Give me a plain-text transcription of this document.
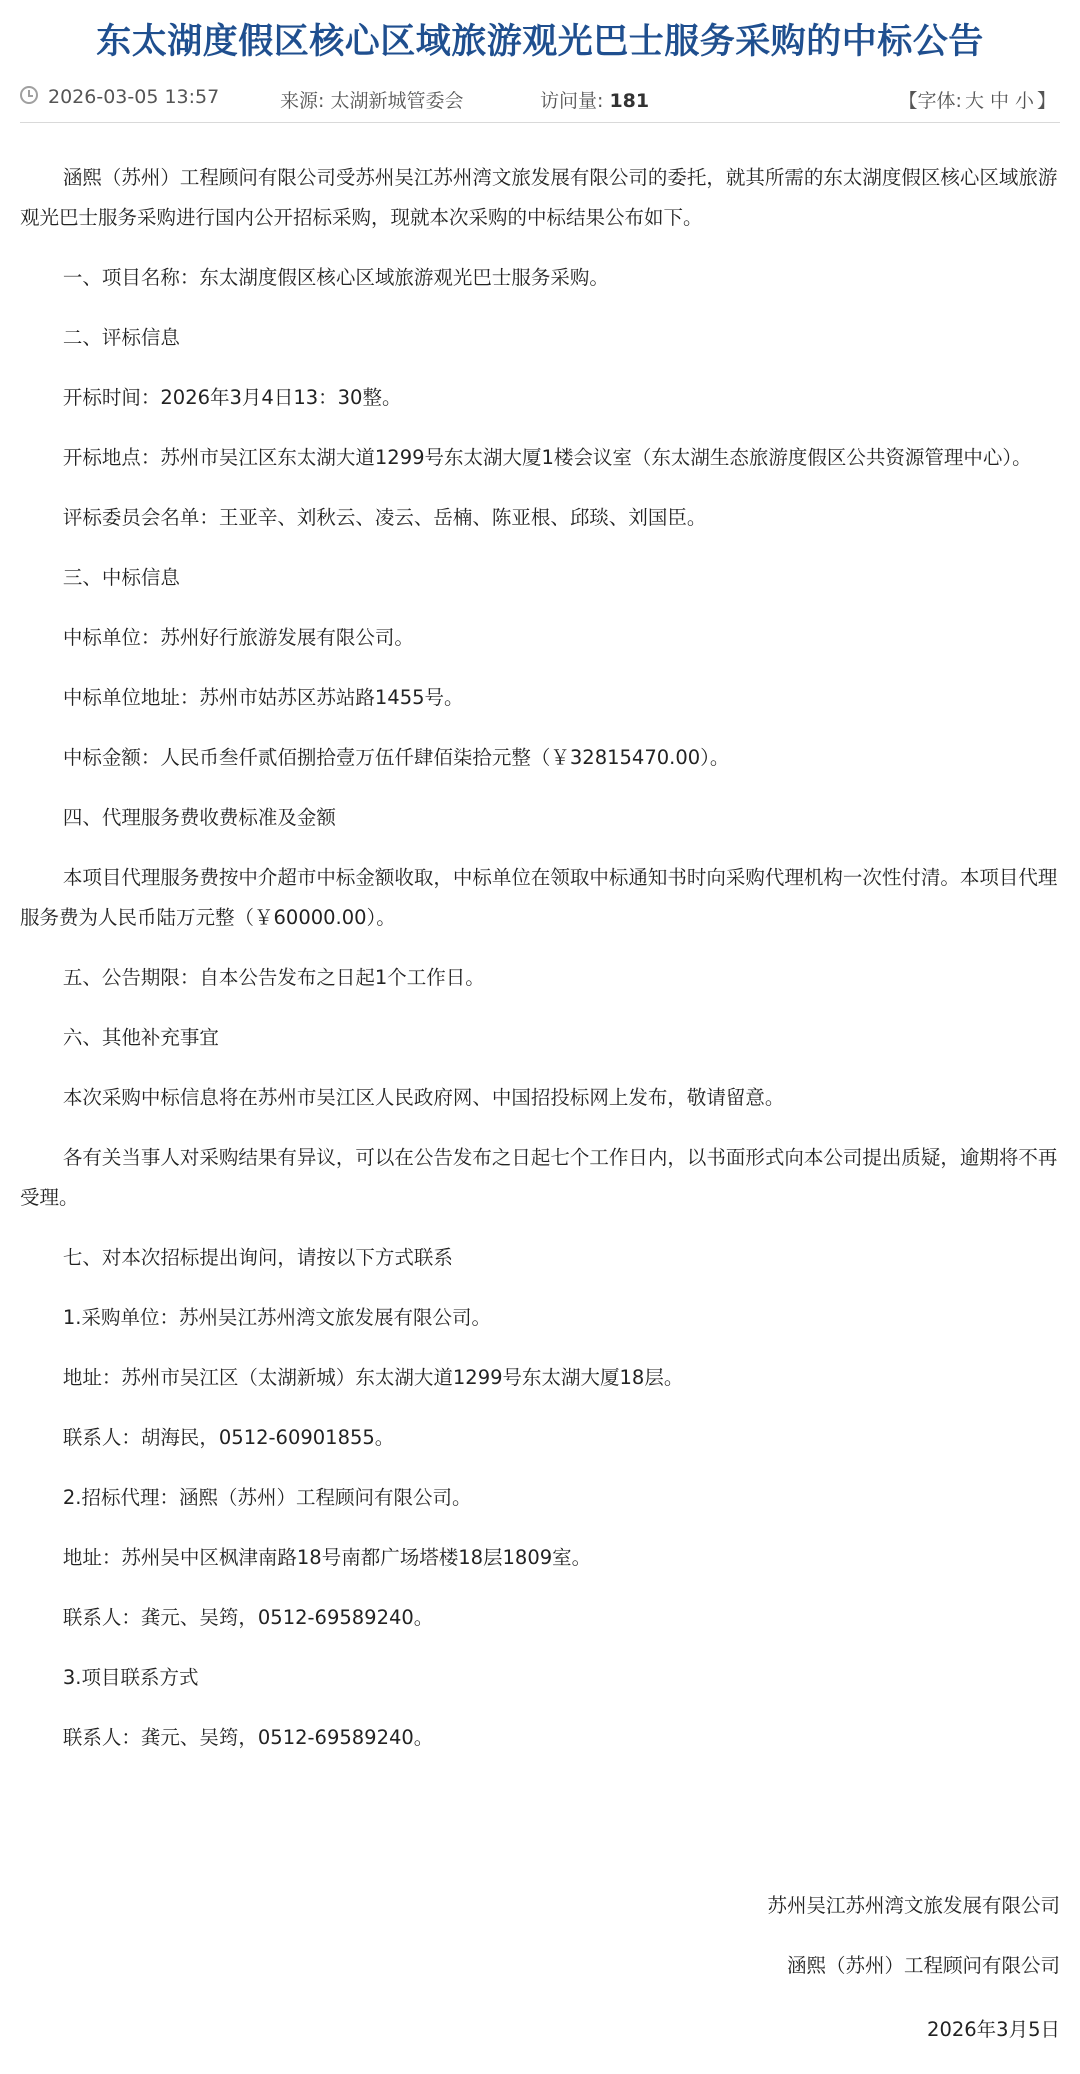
东太湖度假区核心区域旅游观光巴士服务采购的中标公告
2026-03-05 13:57	来源: 太湖新城管委会	访问量: 181	【字体: 大 中 小 】

涵熙（苏州）工程顾问有限公司受苏州吴江苏州湾文旅发展有限公司的委托，就其所需的东太湖度假区核心区域旅游观光巴士服务采购进行国内公开招标采购，现就本次采购的中标结果公布如下。

一、项目名称：东太湖度假区核心区域旅游观光巴士服务采购。

二、评标信息

开标时间：2026年3月4日13：30整。

开标地点：苏州市吴江区东太湖大道1299号东太湖大厦1楼会议室（东太湖生态旅游度假区公共资源管理中心）。

评标委员会名单：王亚辛、刘秋云、凌云、岳楠、陈亚根、邱琰、刘国臣。

三、中标信息

中标单位：苏州好行旅游发展有限公司。

中标单位地址：苏州市姑苏区苏站路1455号。

中标金额：人民币叁仟贰佰捌拾壹万伍仟肆佰柒拾元整（￥32815470.00）。

四、代理服务费收费标准及金额

本项目代理服务费按中介超市中标金额收取，中标单位在领取中标通知书时向采购代理机构一次性付清。本项目代理服务费为人民币陆万元整（￥60000.00）。

五、公告期限：自本公告发布之日起1个工作日。

六、其他补充事宜

本次采购中标信息将在苏州市吴江区人民政府网、中国招投标网上发布，敬请留意。

各有关当事人对采购结果有异议，可以在公告发布之日起七个工作日内，以书面形式向本公司提出质疑，逾期将不再受理。

七、对本次招标提出询问，请按以下方式联系

1.采购单位：苏州吴江苏州湾文旅发展有限公司。

地址：苏州市吴江区（太湖新城）东太湖大道1299号东太湖大厦18层。

联系人：胡海民，0512-60901855。

2.招标代理：涵熙（苏州）工程顾问有限公司。

地址：苏州吴中区枫津南路18号南都广场塔楼18层1809室。

联系人：龚元、吴筠，0512-69589240。

3.项目联系方式

联系人：龚元、吴筠，0512-69589240。

苏州吴江苏州湾文旅发展有限公司
涵熙（苏州）工程顾问有限公司
2026年3月5日
